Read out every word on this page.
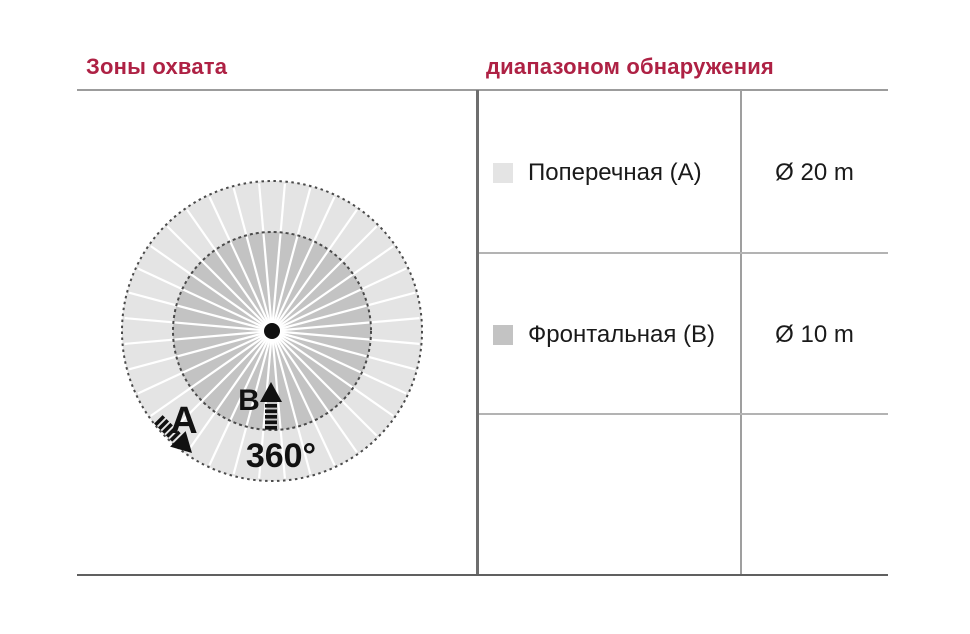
Зоны охвата	диапазоном обнаружения
A B
360°
Поперечная (А)	Ø 20 m
Фронтальная (В)	Ø 10 m
